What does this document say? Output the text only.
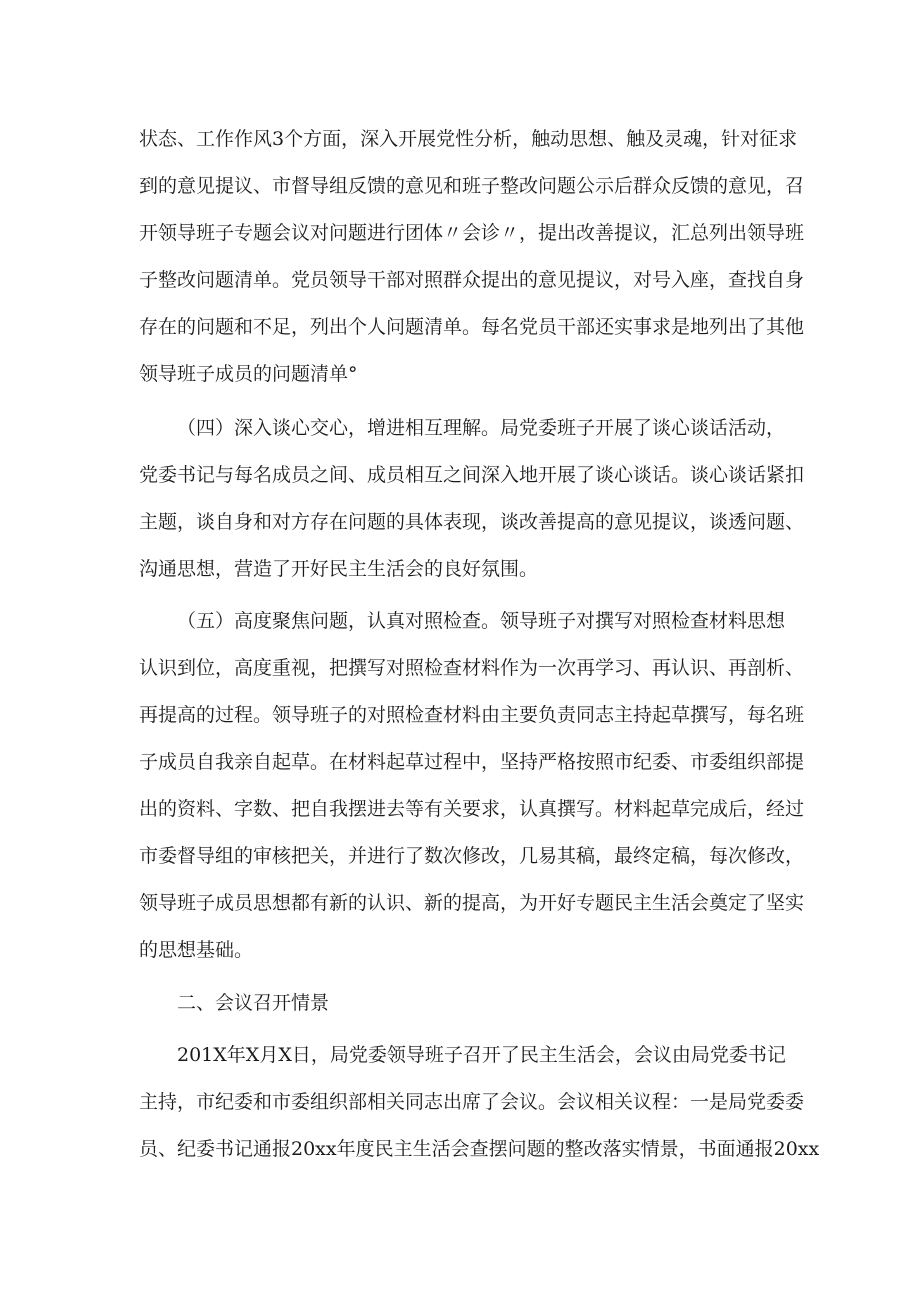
状态、工作作风3个方面，深入开展党性分析，触动思想、触及灵魂，针对征求

到的意见提议、市督导组反馈的意见和班子整改问题公示后群众反馈的意见，召

开领导班子专题会议对问题进行团体〃会诊〃，提出改善提议，汇总列出领导班

子整改问题清单。党员领导干部对照群众提出的意见提议，对号入座，查找自身

存在的问题和不足，列出个人问题清单。每名党员干部还实事求是地列出了其他

领导班子成员的问题清单°

（四）深入谈心交心，增进相互理解。局党委班子开展了谈心谈话活动，

党委书记与每名成员之间、成员相互之间深入地开展了谈心谈话。谈心谈话紧扣

主题，谈自身和对方存在问题的具体表现，谈改善提高的意见提议，谈透问题、

沟通思想，营造了开好民主生活会的良好氛围。

（五）高度聚焦问题，认真对照检查。领导班子对撰写对照检查材料思想

认识到位，高度重视，把撰写对照检查材料作为一次再学习、再认识、再剖析、

再提高的过程。领导班子的对照检查材料由主要负责同志主持起草撰写，每名班

子成员自我亲自起草。在材料起草过程中，坚持严格按照市纪委、市委组织部提

出的资料、字数、把自我摆进去等有关要求，认真撰写。材料起草完成后，经过

市委督导组的审核把关，并进行了数次修改，几易其稿，最终定稿，每次修改，

领导班子成员思想都有新的认识、新的提高，为开好专题民主生活会奠定了坚实

的思想基础。

二、会议召开情景

201X年X月X日，局党委领导班子召开了民主生活会，会议由局党委书记

主持，市纪委和市委组织部相关同志出席了会议。会议相关议程：一是局党委委

员、纪委书记通报20xx年度民主生活会查摆问题的整改落实情景，书面通报20xx
